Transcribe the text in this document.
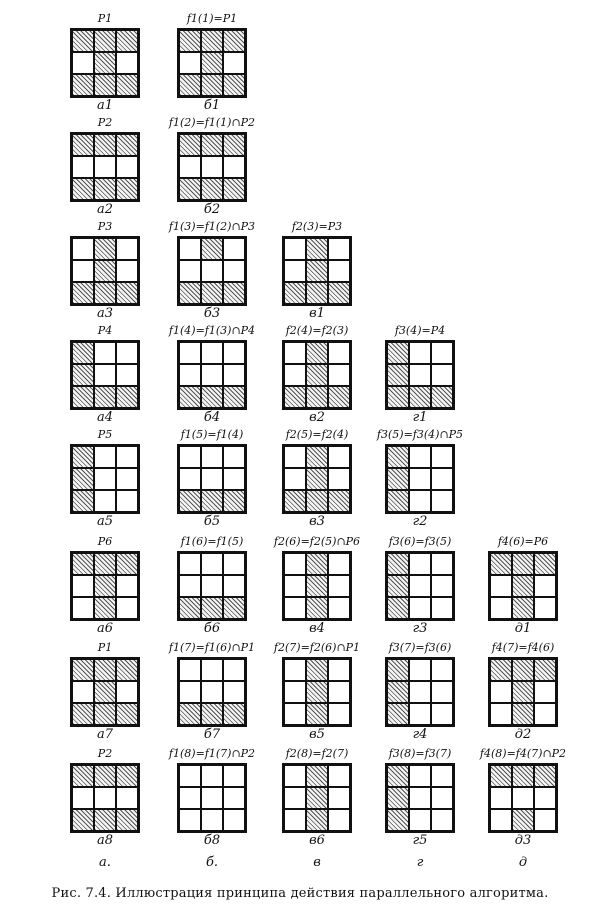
P1
а1
f1(1)=P1
б1
P2
а2
f1(2)=f1(1)∩P2
б2
P3
а3
f1(3)=f1(2)∩P3
б3
f2(3)=P3
в1
P4
а4
f1(4)=f1(3)∩P4
б4
f2(4)=f2(3)
в2
f3(4)=P4
г1
P5
а5
f1(5)=f1(4)
б5
f2(5)=f2(4)
в3
f3(5)=f3(4)∩P5
г2
P6
а6
f1(6)=f1(5)
б6
f2(6)=f2(5)∩P6
в4
f3(6)=f3(5)
г3
f4(6)=P6
д1
P1
а7
f1(7)=f1(6)∩P1
б7
f2(7)=f2(6)∩P1
в5
f3(7)=f3(6)
г4
f4(7)=f4(6)
д2
P2
а8
f1(8)=f1(7)∩P2
б8
f2(8)=f2(7)
в6
f3(8)=f3(7)
г5
f4(8)=f4(7)∩P2
д3
а.	б.	в	г	д
Рис. 7.4. Иллюстрация принципа действия параллельного алгоритма.
